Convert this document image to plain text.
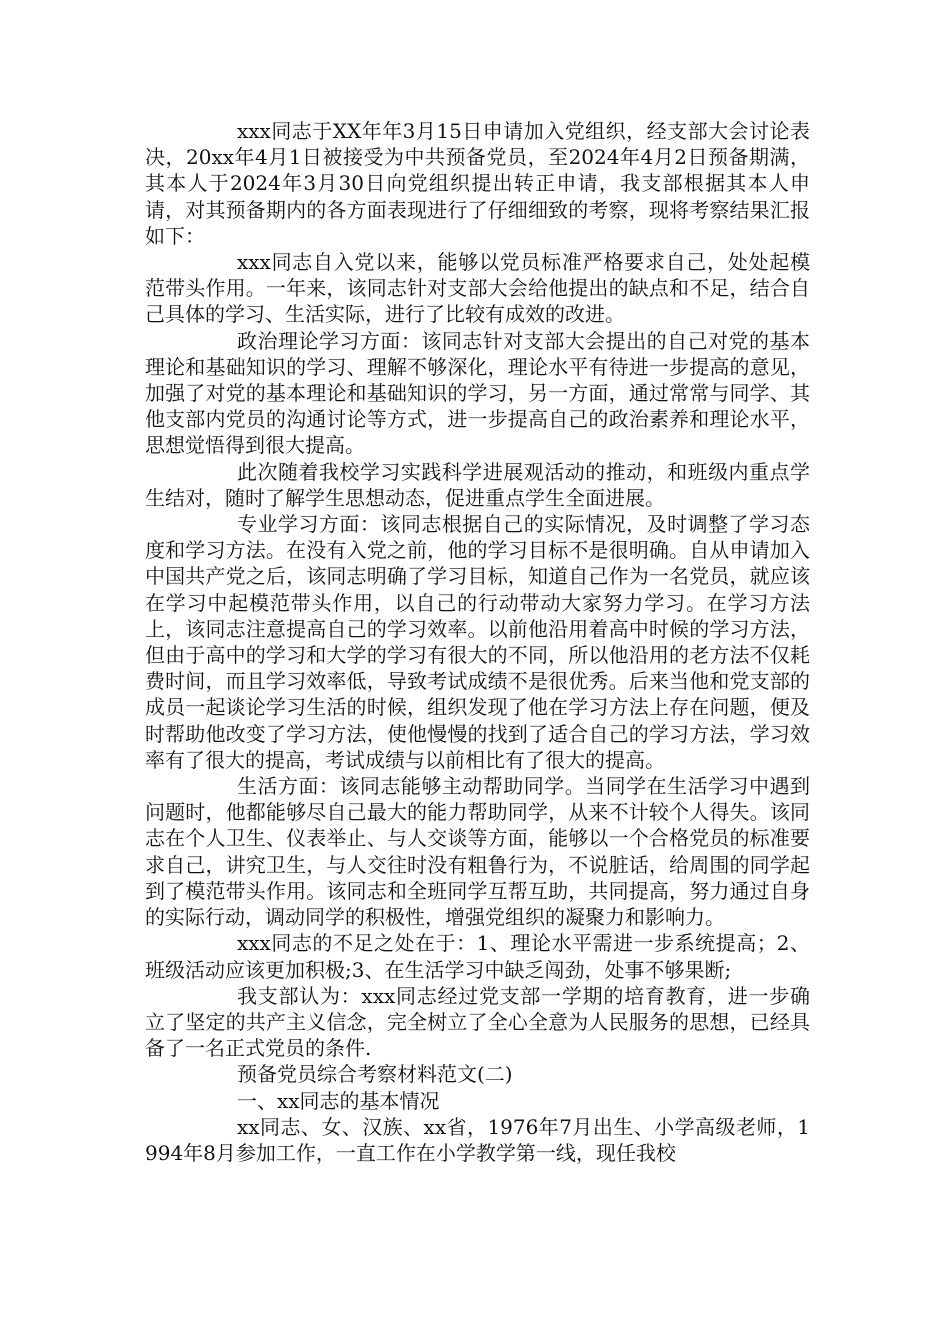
xxx同志于XX年年3月15日申请加入党组织，经支部大会讨论表决，20xx年4月1日被接受为中共预备党员，至2024年4月2日预备期满，其本人于2024年3月30日向党组织提出转正申请，我支部根据其本人申请，对其预备期内的各方面表现进行了仔细细致的考察，现将考察结果汇报如下：

xxx同志自入党以来，能够以党员标准严格要求自己，处处起模范带头作用。一年来，该同志针对支部大会给他提出的缺点和不足，结合自己具体的学习、生活实际，进行了比较有成效的改进。

政治理论学习方面：该同志针对支部大会提出的自己对党的基本理论和基础知识的学习、理解不够深化，理论水平有待进一步提高的意见，加强了对党的基本理论和基础知识的学习，另一方面，通过常常与同学、其他支部内党员的沟通讨论等方式，进一步提高自己的政治素养和理论水平，思想觉悟得到很大提高。

此次随着我校学习实践科学进展观活动的推动，和班级内重点学生结对，随时了解学生思想动态，促进重点学生全面进展。

专业学习方面：该同志根据自己的实际情况，及时调整了学习态度和学习方法。在没有入党之前，他的学习目标不是很明确。自从申请加入中国共产党之后，该同志明确了学习目标，知道自己作为一名党员，就应该在学习中起模范带头作用，以自己的行动带动大家努力学习。在学习方法上，该同志注意提高自己的学习效率。以前他沿用着高中时候的学习方法，但由于高中的学习和大学的学习有很大的不同，所以他沿用的老方法不仅耗费时间，而且学习效率低，导致考试成绩不是很优秀。后来当他和党支部的成员一起谈论学习生活的时候，组织发现了他在学习方法上存在问题，便及时帮助他改变了学习方法，使他慢慢的找到了适合自己的学习方法，学习效率有了很大的提高，考试成绩与以前相比有了很大的提高。

生活方面：该同志能够主动帮助同学。当同学在生活学习中遇到问题时，他都能够尽自己最大的能力帮助同学，从来不计较个人得失。该同志在个人卫生、仪表举止、与人交谈等方面，能够以一个合格党员的标准要求自己，讲究卫生，与人交往时没有粗鲁行为，不说脏话，给周围的同学起到了模范带头作用。该同志和全班同学互帮互助，共同提高，努力通过自身的实际行动，调动同学的积极性，增强党组织的凝聚力和影响力。

xxx同志的不足之处在于：1、理论水平需进一步系统提高；2、班级活动应该更加积极;3、在生活学习中缺乏闯劲，处事不够果断;

我支部认为：xxx同志经过党支部一学期的培育教育，进一步确立了坚定的共产主义信念，完全树立了全心全意为人民服务的思想，已经具备了一名正式党员的条件.

预备党员综合考察材料范文(二)

一、xx同志的基本情况

xx同志、女、汉族、xx省，1976年7月出生、小学高级老师，1994年8月参加工作，一直工作在小学教学第一线，现任我校
